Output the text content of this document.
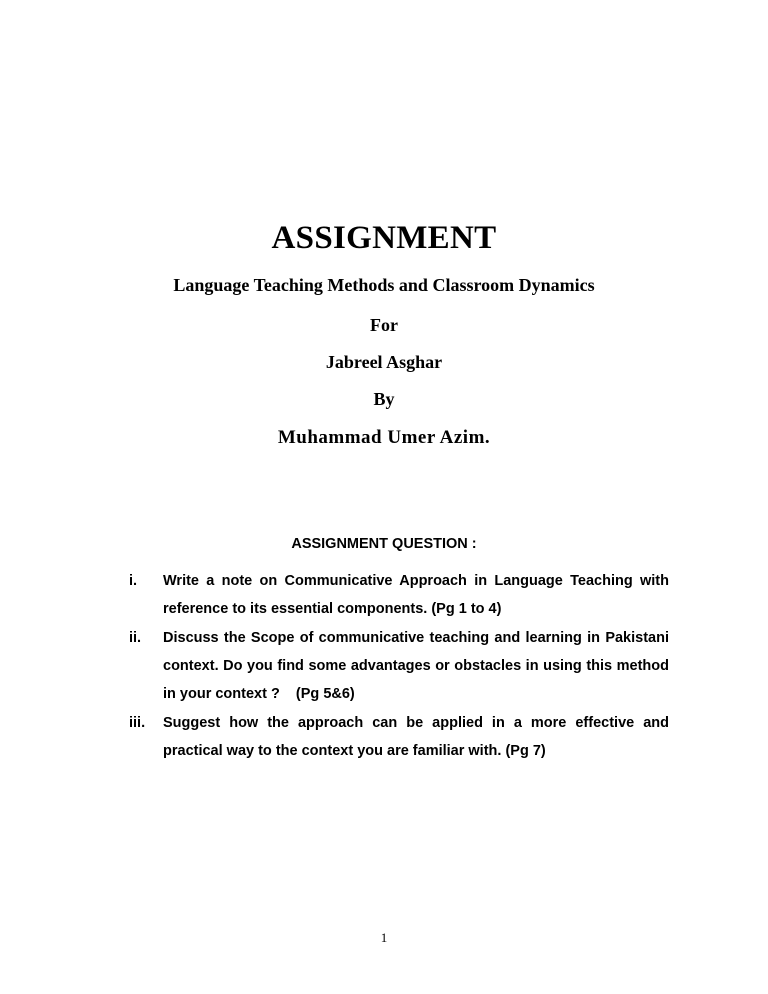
ASSIGNMENT
Language Teaching Methods and Classroom Dynamics
For
Jabreel Asghar
By
Muhammad Umer Azim.
ASSIGNMENT QUESTION :
i.	Write a note on Communicative Approach in Language Teaching with reference to its essential components. (Pg 1 to 4)
ii.	Discuss the Scope of communicative teaching and learning in Pakistani context. Do you find some advantages or obstacles in using this method in your context ?    (Pg 5&6)
iii.	Suggest how the approach can be applied in a more effective and practical way to the context you are familiar with. (Pg 7)
1
